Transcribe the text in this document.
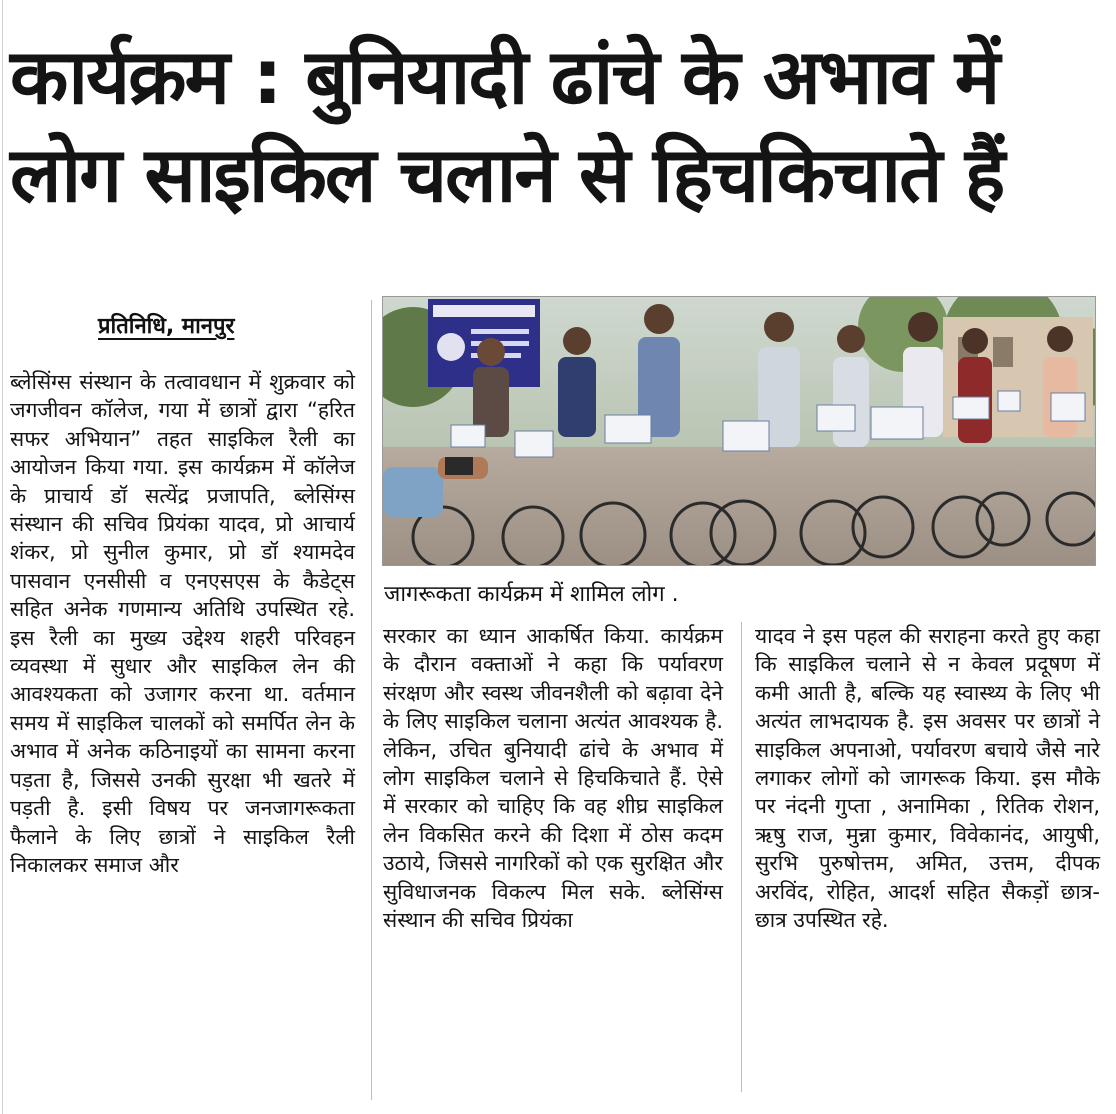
कार्यक्रम : बुनियादी ढांचे के अभाव में
लोग साइकिल चलाने से हिचकिचाते हैं
प्रतिनिधि, मानपुर

ब्लेसिंग्स संस्थान के तत्वावधान में शुक्रवार को जगजीवन कॉलेज, गया में छात्रों द्वारा “हरित सफर अभियान” तहत साइकिल रैली का आयोजन किया गया. इस कार्यक्रम में कॉलेज के प्राचार्य डॉ सत्येंद्र प्रजापति, ब्लेसिंग्स संस्थान की सचिव प्रियंका यादव, प्रो आचार्य शंकर, प्रो सुनील कुमार, प्रो डॉ श्यामदेव पासवान एनसीसी व एनएसएस के कैडेट्स सहित अनेक गणमान्य अतिथि उपस्थित रहे. इस रैली का मुख्य उद्देश्य शहरी परिवहन व्यवस्था में सुधार और साइकिल लेन की आवश्यकता को उजागर करना था. वर्तमान समय में साइकिल चालकों को समर्पित लेन के अभाव में अनेक कठिनाइयों का सामना करना पड़ता है, जिससे उनकी सुरक्षा भी खतरे में पड़ती है. इसी विषय पर जनजागरूकता फैलाने के लिए छात्रों ने साइकिल रैली निकालकर समाज और

जागरूकता कार्यक्रम में शामिल लोग .

सरकार का ध्यान आकर्षित किया. कार्यक्रम के दौरान वक्ताओं ने कहा कि पर्यावरण संरक्षण और स्वस्थ जीवनशैली को बढ़ावा देने के लिए साइकिल चलाना अत्यंत आवश्यक है. लेकिन, उचित बुनियादी ढांचे के अभाव में लोग साइकिल चलाने से हिचकिचाते हैं. ऐसे में सरकार को चाहिए कि वह शीघ्र साइकिल लेन विकसित करने की दिशा में ठोस कदम उठाये, जिससे नागरिकों को एक सुरक्षित और सुविधाजनक विकल्प मिल सके. ब्लेसिंग्स संस्थान की सचिव प्रियंका

यादव ने इस पहल की सराहना करते हुए कहा कि साइकिल चलाने से न केवल प्रदूषण में कमी आती है, बल्कि यह स्वास्थ्य के लिए भी अत्यंत लाभदायक है. इस अवसर पर छात्रों ने साइकिल अपनाओ, पर्यावरण बचाये जैसे नारे लगाकर लोगों को जागरूक किया. इस मौके पर नंदनी गुप्ता , अनामिका , रितिक रोशन, ऋषु राज, मुन्ना कुमार, विवेकानंद, आयुषी, सुरभि पुरुषोत्तम, अमित, उत्तम, दीपक अरविंद, रोहित, आदर्श सहित सैकड़ों छात्र-छात्र उपस्थित रहे.
